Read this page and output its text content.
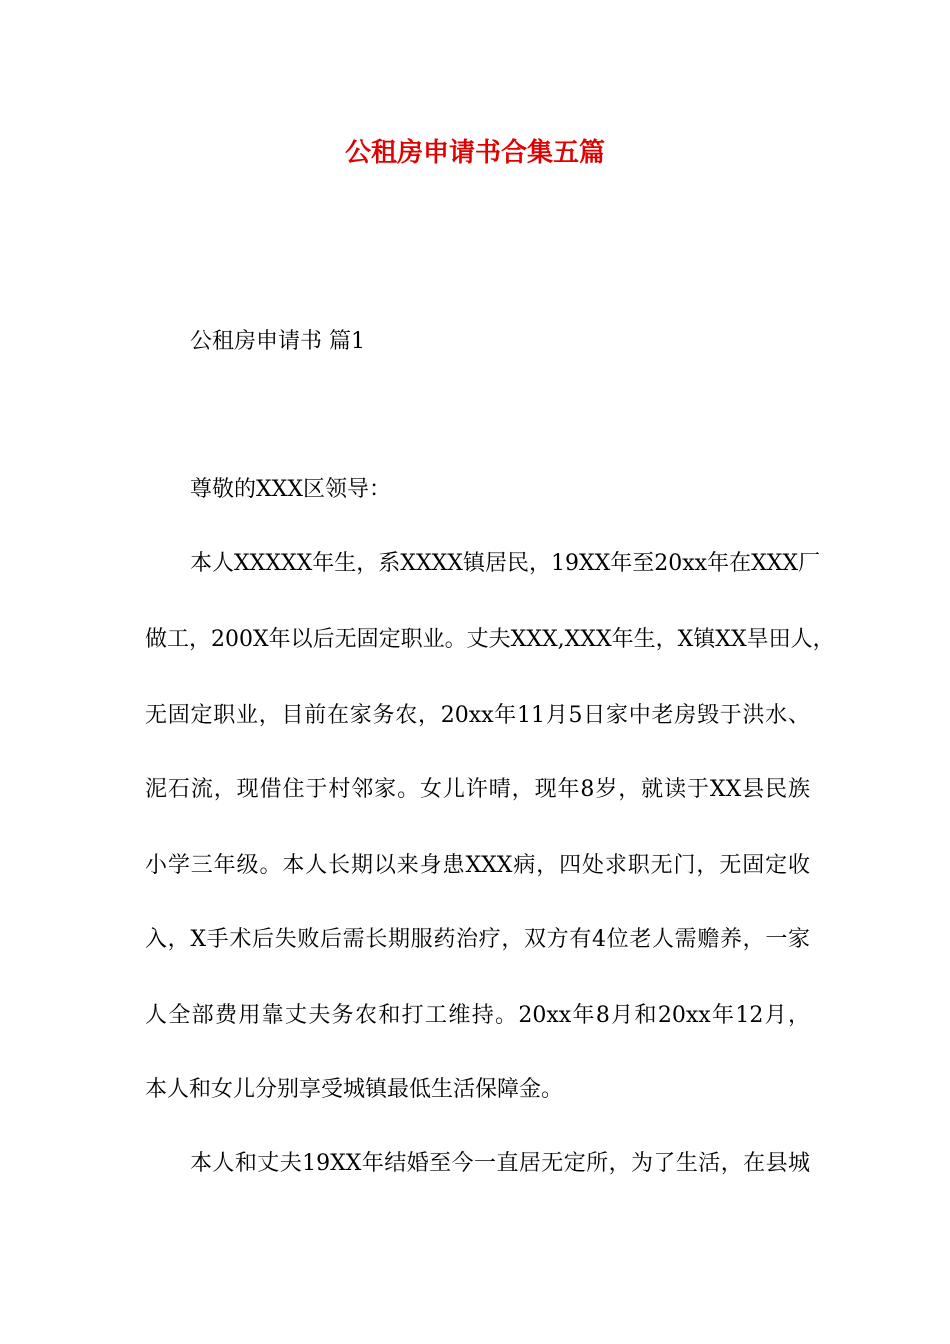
公租房申请书合集五篇
公租房申请书 篇1
尊敬的XXX区领导：
本人XXXXX年生，系XXXX镇居民，19XX年至20xx年在XXX厂
做工，200X年以后无固定职业。丈夫XXX,XXX年生，X镇XX旱田人，
无固定职业，目前在家务农，20xx年11月5日家中老房毁于洪水、
泥石流，现借住于村邻家。女儿许晴，现年8岁，就读于XX县民族
小学三年级。本人长期以来身患XXX病，四处求职无门，无固定收
入，X手术后失败后需长期服药治疗，双方有4位老人需赡养，一家
人全部费用靠丈夫务农和打工维持。20xx年8月和20xx年12月，
本人和女儿分别享受城镇最低生活保障金。
本人和丈夫19XX年结婚至今一直居无定所，为了生活，在县城
